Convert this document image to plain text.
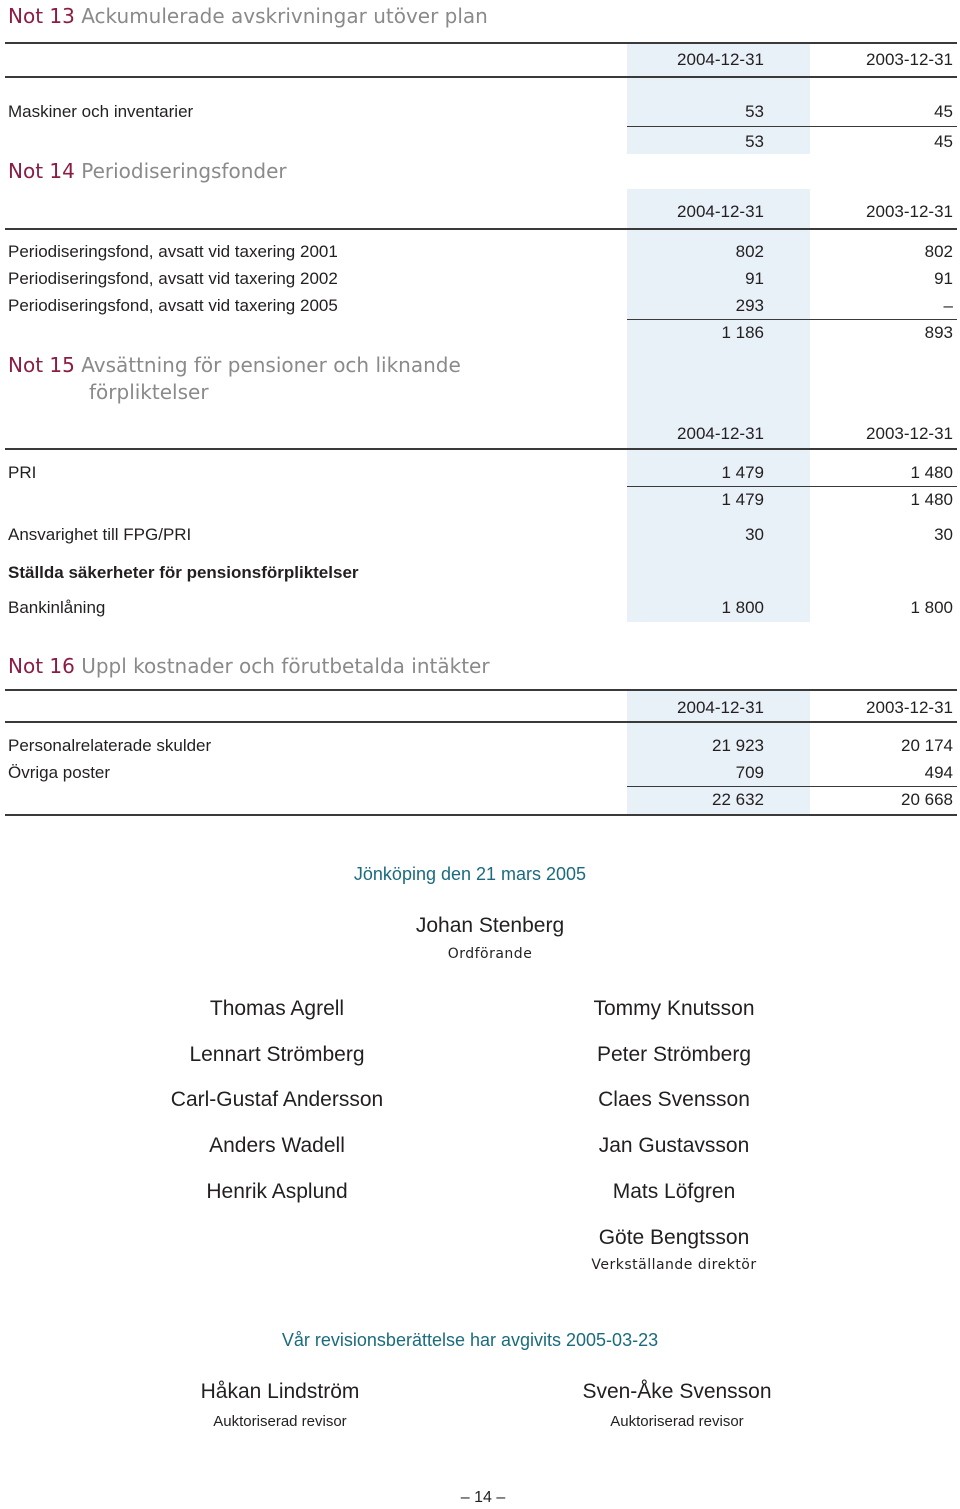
Not 13 Ackumulerade avskrivningar utöver plan
2004-12-31	2003-12-31
Maskiner och inventarier	53	45
53	45
Not 14 Periodiseringsfonder
2004-12-31	2003-12-31
Periodiseringsfond, avsatt vid taxering 2001	802	802
Periodiseringsfond, avsatt vid taxering 2002	91	91
Periodiseringsfond, avsatt vid taxering 2005	293	–
1 186	893
Not 15 Avsättning för pensioner och liknande
förpliktelser
2004-12-31	2003-12-31
PRI	1 479	1 480
1 479	1 480
Ansvarighet till FPG/PRI	30	30
Ställda säkerheter för pensionsförpliktelser
Bankinlåning	1 800	1 800
Not 16 Uppl kostnader och förutbetalda intäkter
2004-12-31	2003-12-31
Personalrelaterade skulder	21 923	20 174
Övriga poster	709	494
22 632	20 668
Jönköping den 21 mars 2005
Johan Stenberg
Ordförande
Thomas Agrell
Lennart Strömberg
Carl-Gustaf Andersson
Anders Wadell
Henrik Asplund
Tommy Knutsson
Peter Strömberg
Claes Svensson
Jan Gustavsson
Mats Löfgren
Göte Bengtsson
Verkställande direktör
Vår revisionsberättelse har avgivits 2005-03-23
Håkan Lindström
Auktoriserad revisor
Sven-Åke Svensson
Auktoriserad revisor
– 14 –
